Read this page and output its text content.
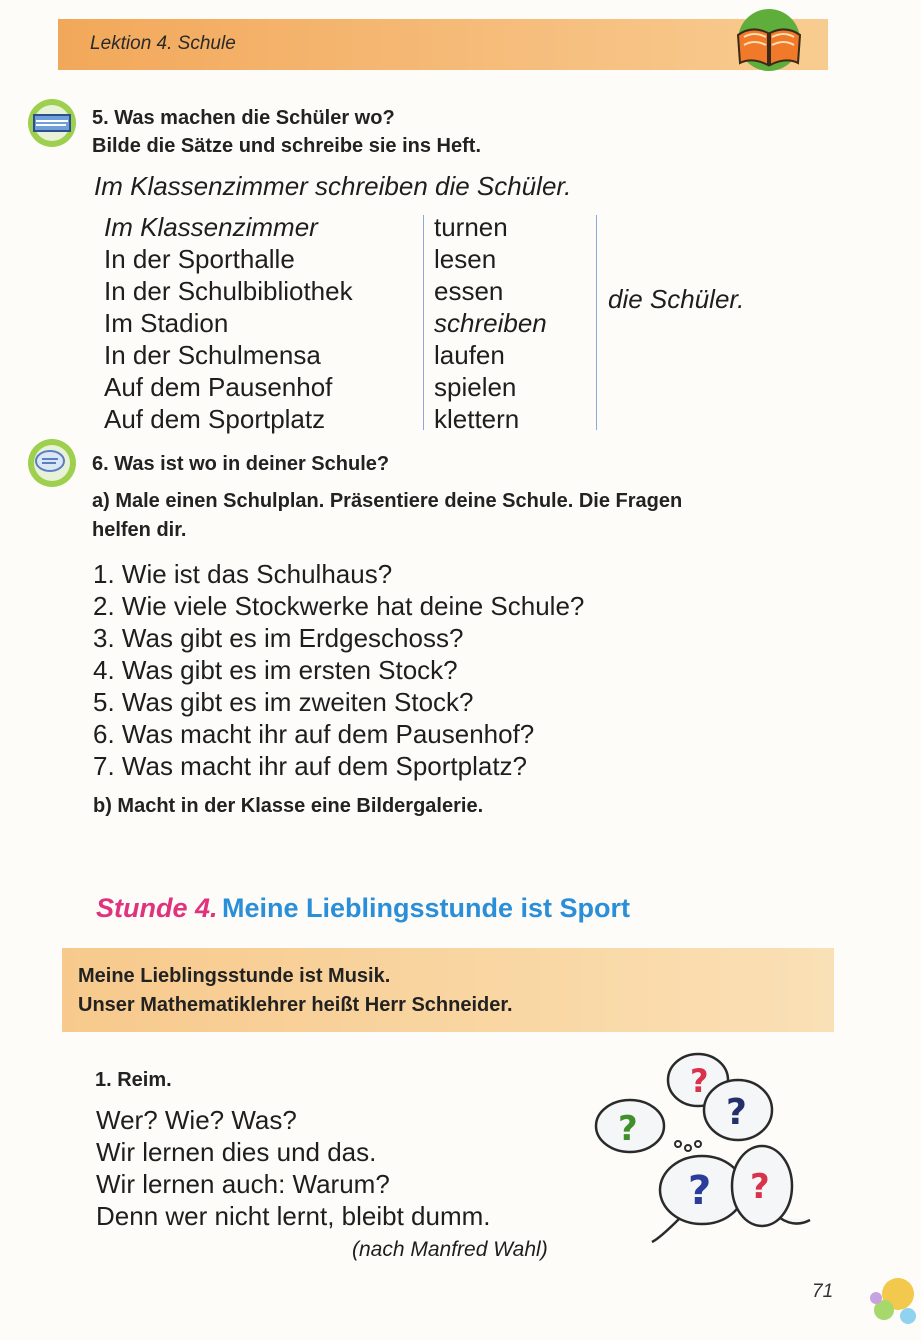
Lektion 4. Schule
5. Was machen die Schüler wo?
Bilde die Sätze und schreibe sie ins Heft.
Im Klassenzimmer schreiben die Schüler.
Im Klassenzimmer
In der Sporthalle
In der Schulbibliothek
Im Stadion
In der Schulmensa
Auf dem Pausenhof
Auf dem Sportplatz
turnen
lesen
essen
schreiben
laufen
spielen
klettern
die Schüler.
6. Was ist wo in deiner Schule?
a) Male einen Schulplan. Präsentiere deine Schule. Die Fragen
helfen dir.
1. Wie ist das Schulhaus?
2. Wie viele Stockwerke hat deine Schule?
3. Was gibt es im Erdgeschoss?
4. Was gibt es im ersten Stock?
5. Was gibt es im zweiten Stock?
6. Was macht ihr auf dem Pausenhof?
7. Was macht ihr auf dem Sportplatz?
b) Macht in der Klasse eine Bildergalerie.
Stunde 4. Meine Lieblingsstunde ist Sport
Meine Lieblingsstunde ist Musik.
Unser Mathematiklehrer heißt Herr Schneider.
1. Reim.
Wer? Wie? Was?
Wir lernen dies und das.
Wir lernen auch: Warum?
Denn wer nicht lernt, bleibt dumm.
(nach Manfred Wahl)
?
?
?
? ?
71
